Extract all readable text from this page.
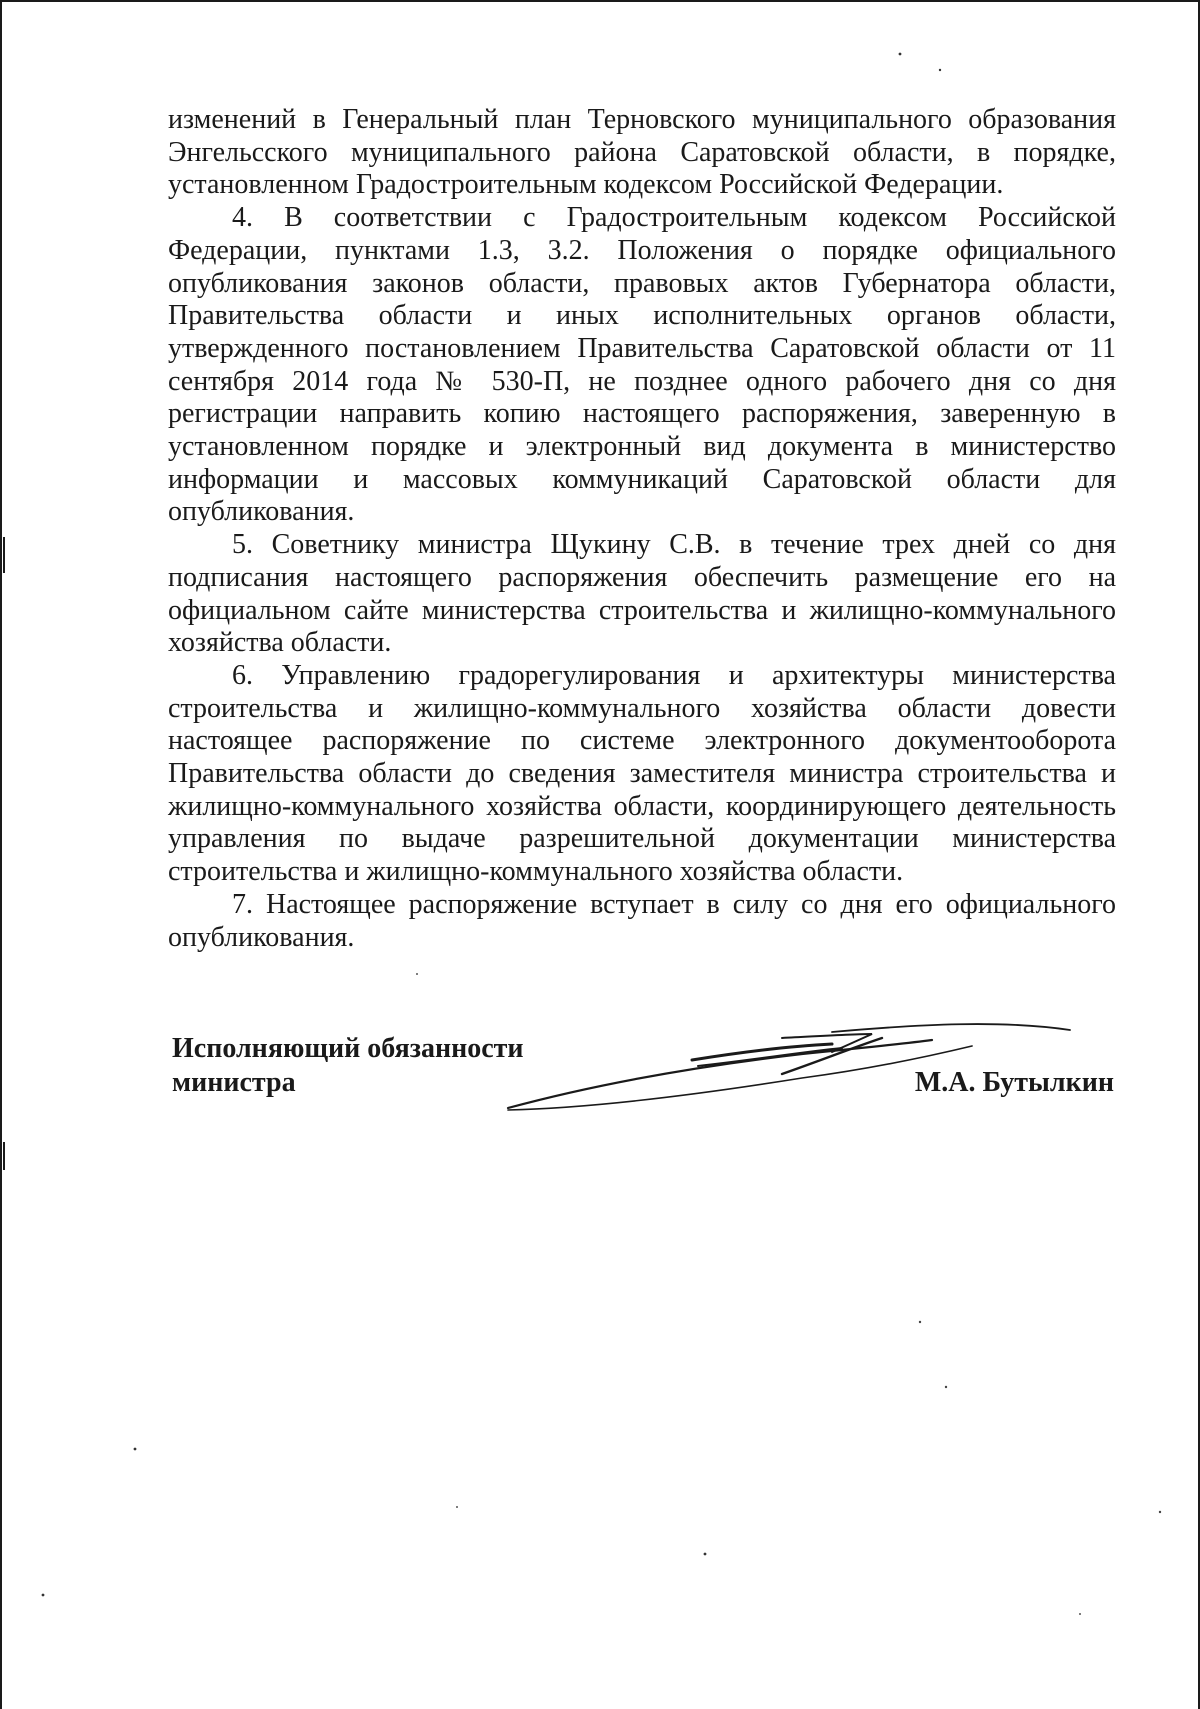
изменений в Генеральный план Терновского муниципального образования Энгельсского муниципального района Саратовской области, в порядке, установленном Градостроительным кодексом Российской Федерации.

4. В соответствии с Градостроительным кодексом Российской Федерации, пунктами 1.3, 3.2. Положения о порядке официального опубликования законов области, правовых актов Губернатора области, Правительства области и иных исполнительных органов области, утвержденного постановлением Правительства Саратовской области от 11 сентября 2014 года № 530-П, не позднее одного рабочего дня со дня регистрации направить копию настоящего распоряжения, заверенную в установленном порядке и электронный вид документа в министерство информации и массовых коммуникаций Саратовской области для опубликования.

5. Советнику министра Щукину С.В. в течение трех дней со дня подписания настоящего распоряжения обеспечить размещение его на официальном сайте министерства строительства и жилищно-коммунального хозяйства области.

6. Управлению градорегулирования и архитектуры министерства строительства и жилищно-коммунального хозяйства области довести настоящее распоряжение по системе электронного документооборота Правительства области до сведения заместителя министра строительства и жилищно-коммунального хозяйства области, координирующего деятельность управления по выдаче разрешительной документации министерства строительства и жилищно-коммунального хозяйства области.

7. Настоящее распоряжение вступает в силу со дня его официального опубликования.

Исполняющий обязанности
министра	М.А. Бутылкин
